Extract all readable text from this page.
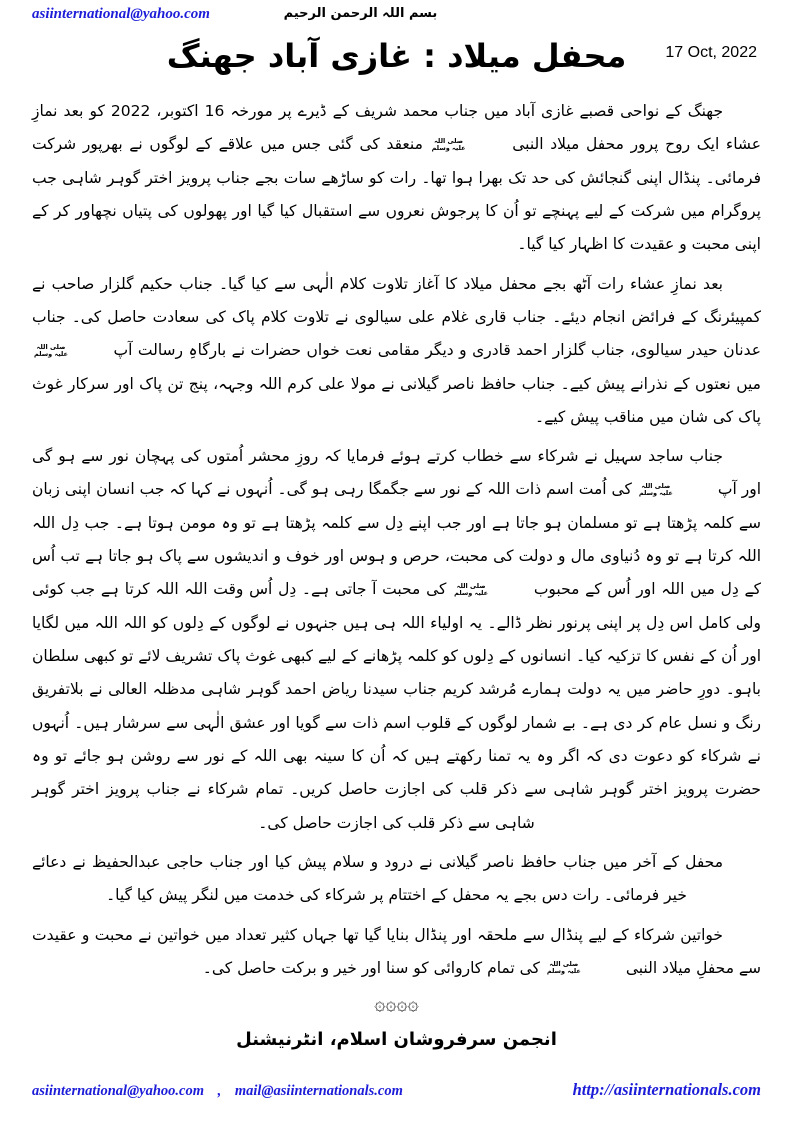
asiinternational@yahoo.com	بسم اللہ الرحمن الرحیم
17 Oct, 2022
محفل میلاد : غازی آباد جھنگ

جھنگ کے نواحی قصبے غازی آباد میں جناب محمد شریف کے ڈیرے پر مورخہ 16 اکتوبر، 2022 کو بعد نمازِ عشاء ایک روح پرور محفل میلاد النبی
صلی اللہ
علیہ وسلم
منعقد کی گئی جس میں علاقے کے لوگوں نے بھرپور شرکت فرمائی۔ پنڈال اپنی گنجائش کی حد تک بھرا ہوا تھا۔ رات کو ساڑھے سات بجے جناب پرویز اختر گوہر شاہی جب پروگرام میں شرکت کے لیے پہنچے تو اُن کا پرجوش نعروں سے استقبال کیا گیا اور پھولوں کی پتیاں نچھاور کر کے اپنی محبت و عقیدت کا اظہار کیا گیا۔

بعد نمازِ عشاء رات آٹھ بجے محفل میلاد کا آغاز تلاوت کلام الٰہی سے کیا گیا۔ جناب حکیم گلزار صاحب نے کمپیئرنگ کے فرائض انجام دیئے۔ جناب قاری غلام علی سیالوی نے تلاوت کلام پاک کی سعادت حاصل کی۔ جناب عدنان حیدر سیالوی، جناب گلزار احمد قادری و دیگر مقامی نعت خواں حضرات نے بارگاہِ رسالت آپ
صلی اللہ
علیہ وسلم
میں نعتوں کے نذرانے پیش کیے۔ جناب حافظ ناصر گیلانی نے مولا علی کرم اللہ وجہہ، پنج تن پاک اور سرکار غوث پاک کی شان میں مناقب پیش کیے۔

جناب ساجد سہیل نے شرکاء سے خطاب کرتے ہوئے فرمایا کہ روزِ محشر اُمتوں کی پہچان نور سے ہو گی اور آپ
صلی اللہ
علیہ وسلم
کی اُمت اسم ذات اللہ کے نور سے جگمگا رہی ہو گی۔ اُنہوں نے کہا کہ جب انسان اپنی زبان سے کلمہ پڑھتا ہے تو مسلمان ہو جاتا ہے اور جب اپنے دِل سے کلمہ پڑھتا ہے تو وہ مومن ہوتا ہے۔ جب دِل اللہ اللہ کرتا ہے تو وہ دُنیاوی مال و دولت کی محبت، حرص و ہوس اور خوف و اندیشوں سے پاک ہو جاتا ہے تب اُس کے دِل میں اللہ اور اُس کے محبوب
صلی اللہ
علیہ وسلم
کی محبت آ جاتی ہے۔ دِل اُس وقت اللہ اللہ کرتا ہے جب کوئی ولی کامل اس دِل پر اپنی پرنور نظر ڈالے۔ یہ اولیاء اللہ ہی ہیں جنہوں نے لوگوں کے دِلوں کو اللہ اللہ میں لگایا اور اُن کے نفس کا تزکیہ کیا۔ انسانوں کے دِلوں کو کلمہ پڑھانے کے لیے کبھی غوث پاک تشریف لائے تو کبھی سلطان باہو۔ دورِ حاضر میں یہ دولت ہمارے مُرشد کریم جناب سیدنا ریاض احمد گوہر شاہی مدظلہ العالی نے بلاتفریق رنگ و نسل عام کر دی ہے۔ بے شمار لوگوں کے قلوب اسم ذات سے گویا اور عشق الٰہی سے سرشار ہیں۔ اُنہوں نے شرکاء کو دعوت دی کہ اگر وہ یہ تمنا رکھتے ہیں کہ اُن کا سینہ بھی اللہ کے نور سے روشن ہو جائے تو وہ حضرت پرویز اختر گوہر شاہی سے ذکر قلب کی اجازت حاصل کریں۔ تمام شرکاء نے جناب پرویز اختر گوہر شاہی سے ذکر قلب کی اجازت حاصل کی۔

محفل کے آخر میں جناب حافظ ناصر گیلانی نے درود و سلام پیش کیا اور جناب حاجی عبدالحفیظ نے دعائے خیر فرمائی۔ رات دس بجے یہ محفل کے اختتام پر شرکاء کی خدمت میں لنگر پیش کیا گیا۔

خواتین شرکاء کے لیے پنڈال سے ملحقہ اور پنڈال بنایا گیا تھا جہاں کثیر تعداد میں خواتین نے محبت و عقیدت سے محفلِ میلاد النبی
صلی اللہ
علیہ وسلم
کی تمام کاروائی کو سنا اور خیر و برکت حاصل کی۔

۞۞۞۞
انجمن سرفروشان اسلام، انٹرنیشنل
asiinternational@yahoo.com , mail@asiinternationals.com	http://asiinternationals.com
